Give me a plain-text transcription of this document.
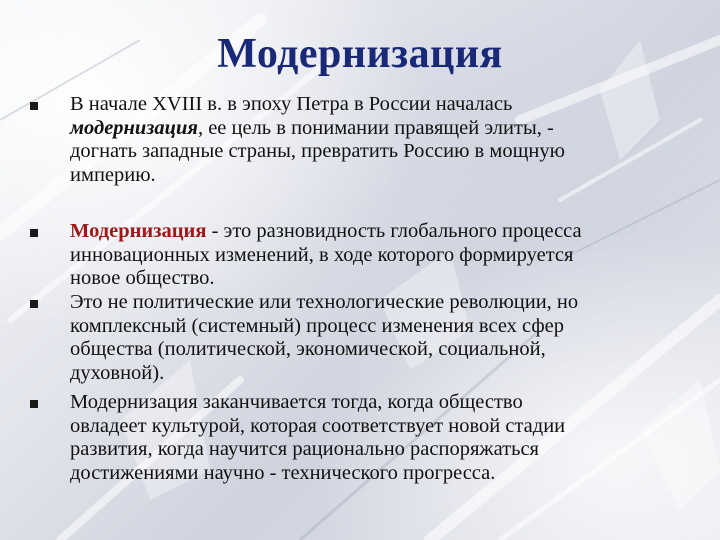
Модернизация
В начале XVIII в. в эпоху Петра в России началась
модернизация, ее цель в понимании правящей элиты, -
догнать западные страны, превратить Россию в мощную
империю.
Модернизация - это разновидность глобального процесса
инновационных изменений, в ходе которого формируется
новое общество.
Это не политические или технологические революции, но
комплексный (системный) процесс изменения всех сфер
общества (политической, экономической, социальной,
духовной).
Модернизация заканчивается тогда, когда общество
овладеет культурой, которая соответствует новой стадии
развития, когда научится рационально распоряжаться
достижениями научно - технического прогресса.
